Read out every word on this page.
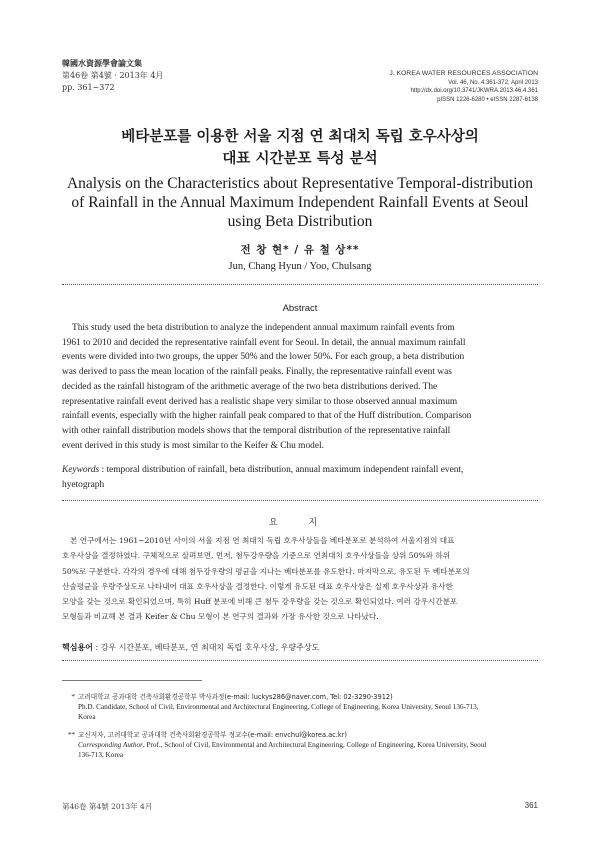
韓國水資源學會論文集
第46卷 第4號 · 2013年 4月
pp. 361~372
J. KOREA WATER RESOURCES ASSOCIATION
Vol. 46, No. 4:361-372, April 2013
http://dx.doi.org/10.3741/JKWRA.2013.46.4.361
pISSN 1226-6280 • eISSN 2287-6138
베타분포를 이용한 서울 지점 연 최대치 독립 호우사상의
대표 시간분포 특성 분석
Analysis on the Characteristics about Representative Temporal-distribution
of Rainfall in the Annual Maximum Independent Rainfall Events at Seoul
using Beta Distribution
전 창 현* / 유 철 상**
Jun, Chang Hyun / Yoo, Chulsang
Abstract
This study used the beta distribution to analyze the independent annual maximum rainfall events from
1961 to 2010 and decided the representative rainfall event for Seoul. In detail, the annual maximum rainfall
events were divided into two groups, the upper 50% and the lower 50%. For each group, a beta distribution
was derived to pass the mean location of the rainfall peaks. Finally, the representative rainfall event was
decided as the rainfall histogram of the arithmetic average of the two beta distributions derived. The
representative rainfall event derived has a realistic shape very similar to those observed annual maximum
rainfall events, especially with the higher rainfall peak compared to that of the Huff distribution. Comparison
with other rainfall distribution models shows that the temporal distribution of the representative rainfall
event derived in this study is most similar to the Keifer & Chu model.
Keywords : temporal distribution of rainfall, beta distribution, annual maximum independent rainfall event,
hyetograph
요 지
본 연구에서는 1961~2010년 사이의 서울 지점 연 최대치 독립 호우사상들을 베타분포로 분석하여 서울지점의 대표
호우사상을 결정하였다. 구체적으로 살펴보면, 먼저, 첨두강우량을 기준으로 연최대치 호우사상들을 상위 50%와 하위
50%로 구분한다. 각각의 경우에 대해 첨두강우량의 평균을 지나는 베타분포를 유도한다. 마지막으로, 유도된 두 베타분포의
산술평균을 우량주상도로 나타내어 대표 호우사상을 결정한다. 이렇게 유도된 대표 호우사상은 실제 호우사상과 유사한
모양을 갖는 것으로 확인되었으며, 특히 Huff 분포에 비해 큰 첨두 강우량을 갖는 것으로 확인되었다. 여러 강우시간분포
모형들과 비교해 본 결과 Keifer & Chu 모형이 본 연구의 결과와 가장 유사한 것으로 나타났다.
핵심용어 : 강우 시간분포, 베타분포, 연 최대치 독립 호우사상, 우량주상도
* 고려대학교 공과대학 건축사회환경공학부 박사과정(e-mail: luckys286@naver.com, Tel: 02-3290-3912)
Ph.D. Candidate, School of Civil, Environmental and Architectural Engineering, College of Engineering, Korea University, Seoul 136-713,
Korea
** 교신저자, 고려대학교 공과대학 건축사회환경공학부 정교수(e-mail: envchul@korea.ac.kr)
Corresponding Author, Prof., School of Civil, Environmental and Architectural Engineering, College of Engineering, Korea University, Seoul
136-713, Korea
第46卷 第4號 2013年 4月	361
